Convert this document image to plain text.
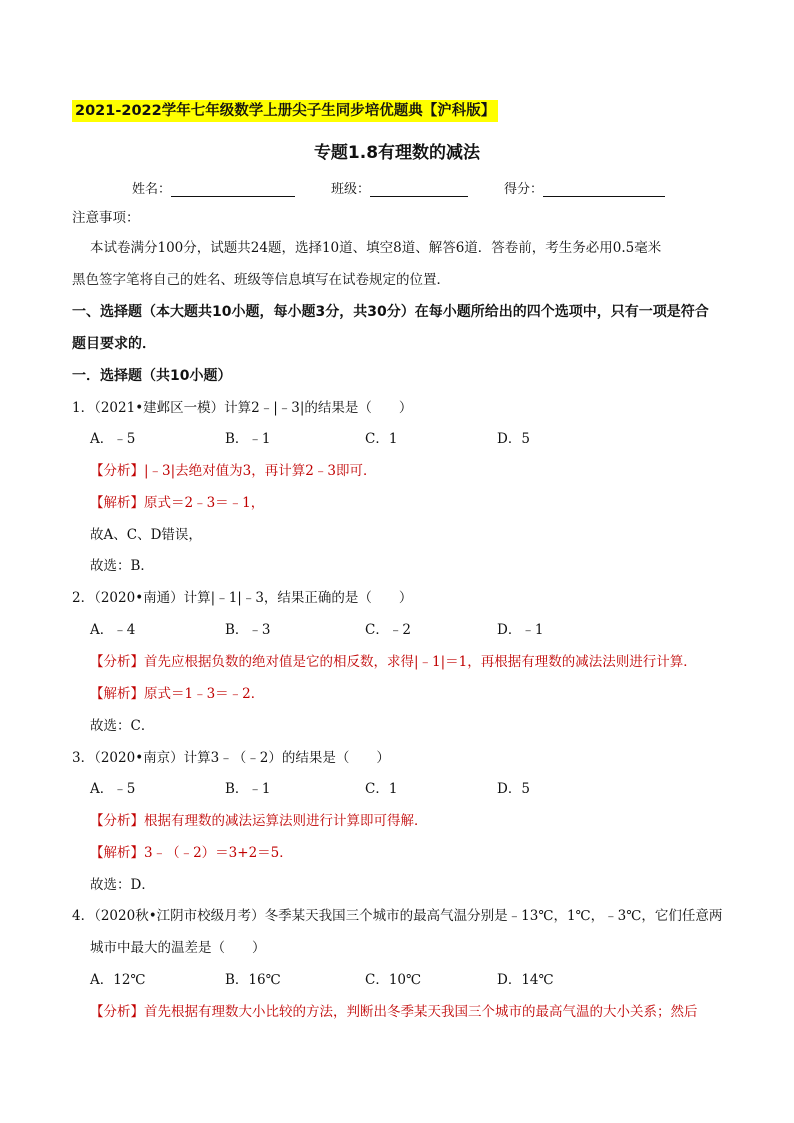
2021-2022学年七年级数学上册尖子生同步培优题典【沪科版】
专题1.8有理数的减法
姓名：	班级：	得分：
注意事项：
本试卷满分100分，试题共24题，选择10道、填空8道、解答6道．答卷前，考生务必用0.5毫米
黑色签字笔将自己的姓名、班级等信息填写在试卷规定的位置．
一、选择题（本大题共10小题，每小题3分，共30分）在每小题所给出的四个选项中，只有一项是符合
题目要求的．
一．选择题（共10小题）
1．（2021•建邺区一模）计算2﹣|﹣3|的结果是（　　）
A．﹣5	B．﹣1	C．1	D．5
【分析】|﹣3|去绝对值为3，再计算2﹣3即可．
【解析】原式＝2﹣3＝﹣1，
故A、C、D错误，
故选：B．
2．（2020•南通）计算|﹣1|﹣3，结果正确的是（　　）
A．﹣4	B．﹣3	C．﹣2	D．﹣1
【分析】首先应根据负数的绝对值是它的相反数，求得|﹣1|＝1，再根据有理数的减法法则进行计算．
【解析】原式＝1﹣3＝﹣2．
故选：C．
3．（2020•南京）计算3﹣（﹣2）的结果是（　　）
A．﹣5	B．﹣1	C．1	D．5
【分析】根据有理数的减法运算法则进行计算即可得解．
【解析】3﹣（﹣2）＝3+2＝5．
故选：D．
4．（2020秋•江阴市校级月考）冬季某天我国三个城市的最高气温分别是﹣13℃，1℃，﹣3℃，它们任意两
城市中最大的温差是（　　）
A．12℃	B．16℃	C．10℃	D．14℃
【分析】首先根据有理数大小比较的方法，判断出冬季某天我国三个城市的最高气温的大小关系；然后
